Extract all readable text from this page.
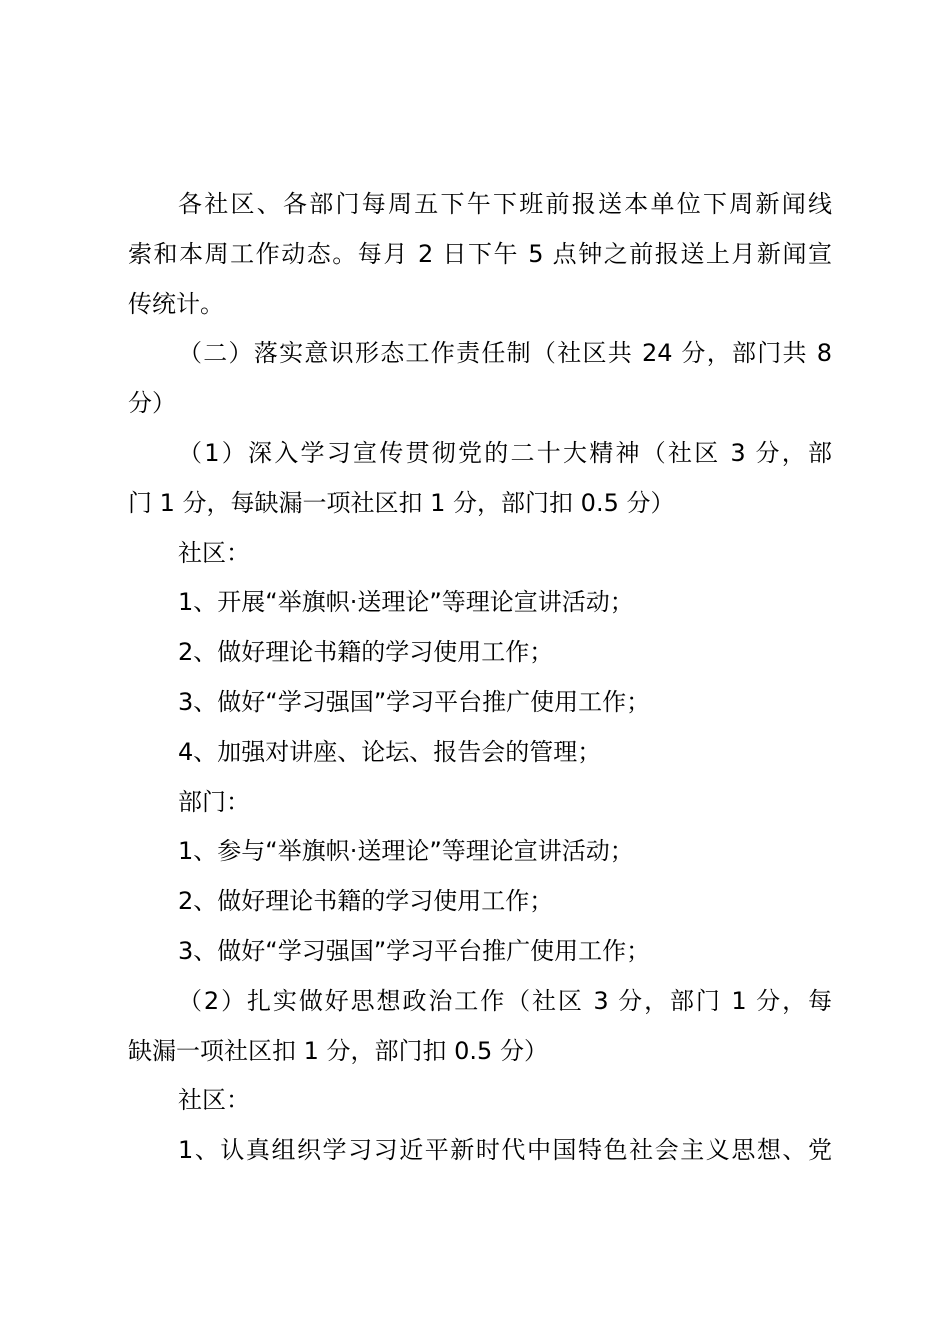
各社区、各部门每周五下午下班前报送本单位下周新闻线
索和本周工作动态。每月 2 日下午 5 点钟之前报送上月新闻宣
传统计。
（二）落实意识形态工作责任制（社区共 24 分，部门共 8
分）
（1）深入学习宣传贯彻党的二十大精神（社区 3 分，部
门 1 分，每缺漏一项社区扣 1 分，部门扣 0.5 分）
社区：
1、开展“举旗帜·送理论”等理论宣讲活动；
2、做好理论书籍的学习使用工作；
3、做好“学习强国”学习平台推广使用工作；
4、加强对讲座、论坛、报告会的管理；
部门：
1、参与“举旗帜·送理论”等理论宣讲活动；
2、做好理论书籍的学习使用工作；
3、做好“学习强国”学习平台推广使用工作；
（2）扎实做好思想政治工作（社区 3 分，部门 1 分，每
缺漏一项社区扣 1 分，部门扣 0.5 分）
社区：
1、认真组织学习习近平新时代中国特色社会主义思想、党
